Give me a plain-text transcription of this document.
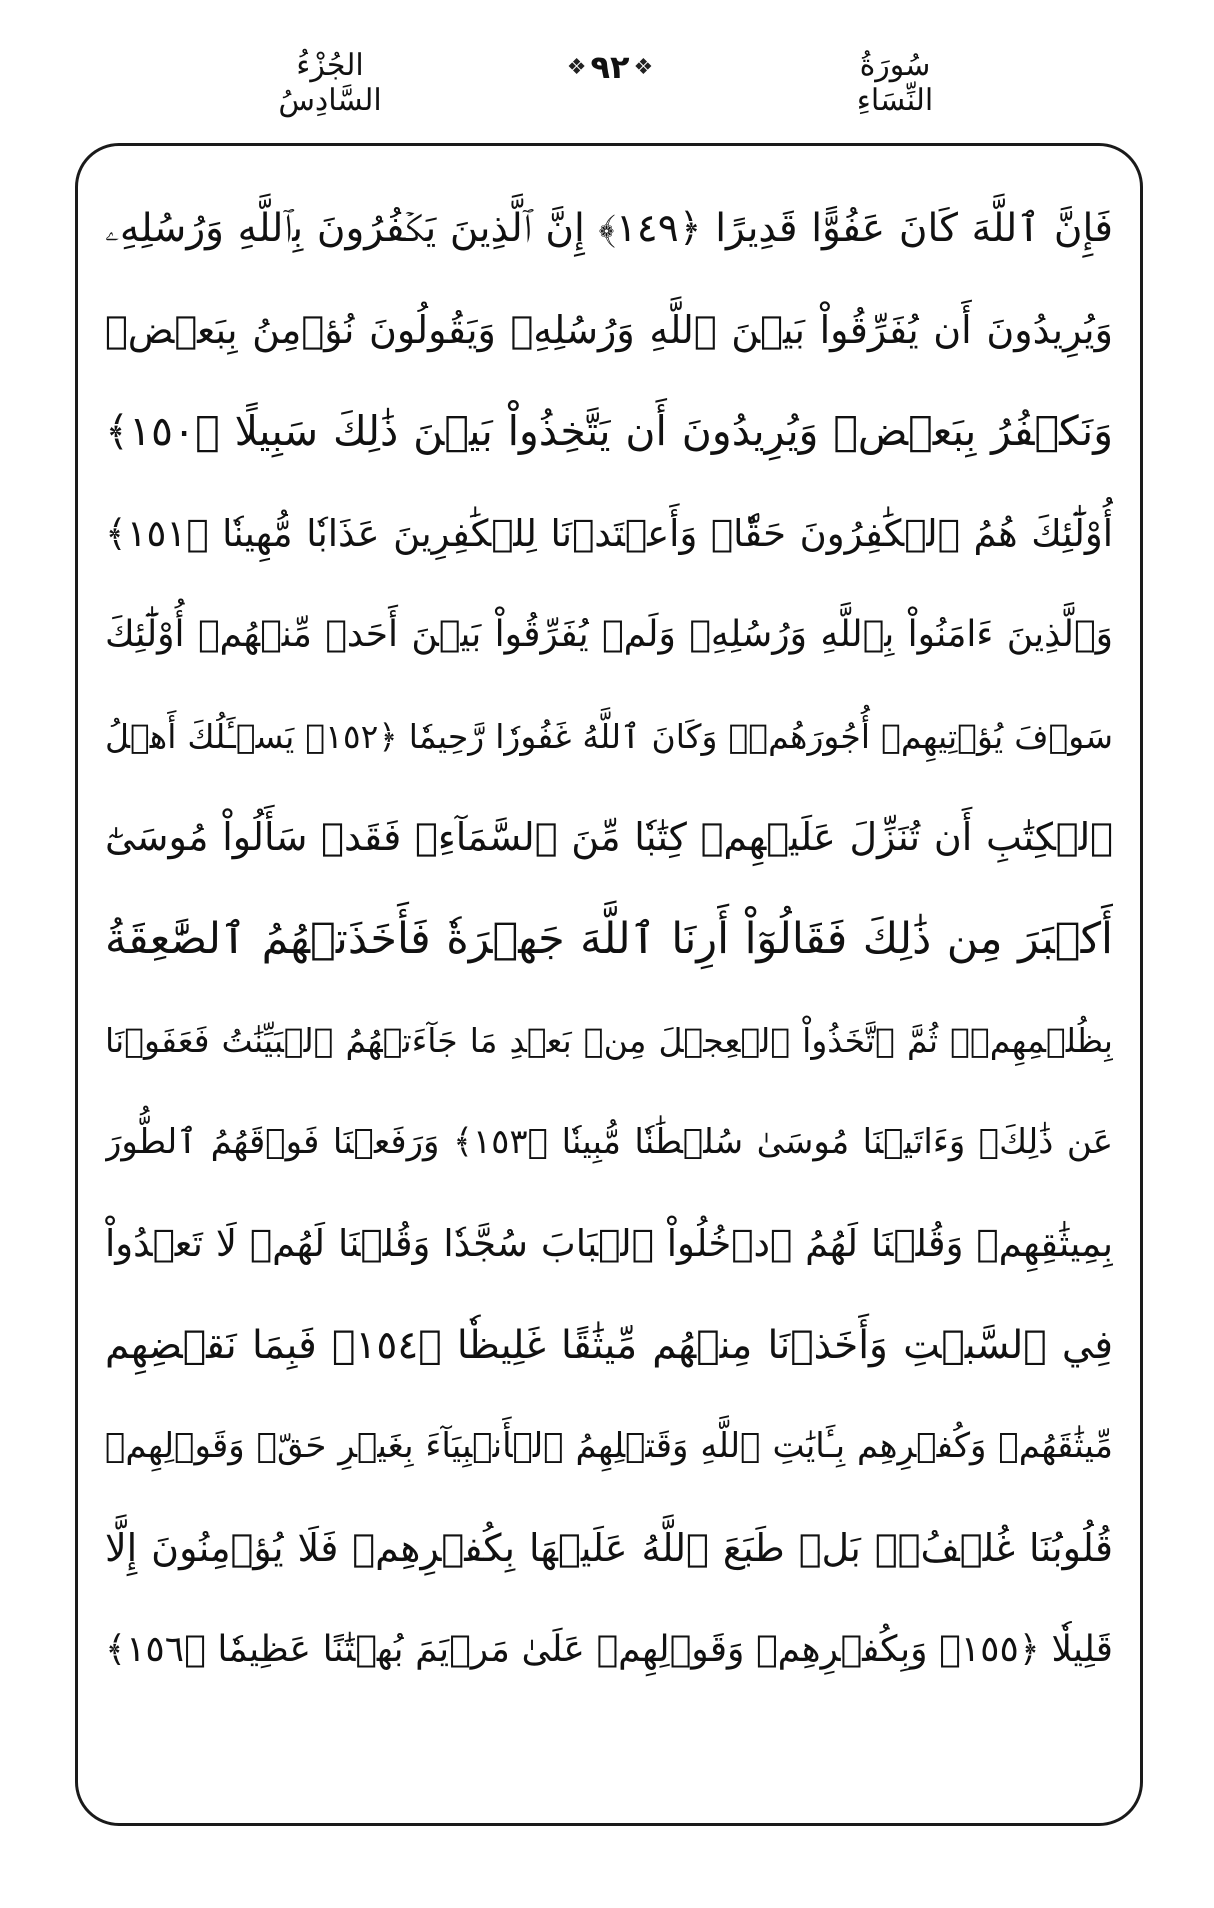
الجُزْءُ السَّادِسُ
❖ ٩٢ ❖	سُورَةُ النِّسَاءِ
فَإِنَّ ٱللَّهَ كَانَ عَفُوًّا قَدِيرًا ﴿١٤٩﴾ إِنَّ ٱلَّذِينَ يَكۡفُرُونَ بِٱللَّهِ وَرُسُلِهِۦ
وَيُرِيدُونَ أَن يُفَرِّقُواْ بَيۡنَ ٱللَّهِ وَرُسُلِهِۦ وَيَقُولُونَ نُؤۡمِنُ بِبَعۡضٖ
وَنَكۡفُرُ بِبَعۡضٖ وَيُرِيدُونَ أَن يَتَّخِذُواْ بَيۡنَ ذَٰلِكَ سَبِيلًا ﴿١٥٠﴾
أُوْلَٰٓئِكَ هُمُ ٱلۡكَٰفِرُونَ حَقّٗاۚ وَأَعۡتَدۡنَا لِلۡكَٰفِرِينَ عَذَابٗا مُّهِينٗا ﴿١٥١﴾
وَٱلَّذِينَ ءَامَنُواْ بِٱللَّهِ وَرُسُلِهِۦ وَلَمۡ يُفَرِّقُواْ بَيۡنَ أَحَدٖ مِّنۡهُمۡ أُوْلَٰٓئِكَ
سَوۡفَ يُؤۡتِيهِمۡ أُجُورَهُمۡۗ وَكَانَ ٱللَّهُ غَفُورٗا رَّحِيمٗا ﴿١٥٢﴾ يَسۡـَٔلُكَ أَهۡلُ
ٱلۡكِتَٰبِ أَن تُنَزِّلَ عَلَيۡهِمۡ كِتَٰبٗا مِّنَ ٱلسَّمَآءِۚ فَقَدۡ سَأَلُواْ مُوسَىٰٓ
أَكۡبَرَ مِن ذَٰلِكَ فَقَالُوٓاْ أَرِنَا ٱللَّهَ جَهۡرَةٗ فَأَخَذَتۡهُمُ ٱلصَّٰعِقَةُ
بِظُلۡمِهِمۡۚ ثُمَّ ٱتَّخَذُواْ ٱلۡعِجۡلَ مِنۢ بَعۡدِ مَا جَآءَتۡهُمُ ٱلۡبَيِّنَٰتُ فَعَفَوۡنَا
عَن ذَٰلِكَۚ وَءَاتَيۡنَا مُوسَىٰ سُلۡطَٰنٗا مُّبِينٗا ﴿١٥٣﴾ وَرَفَعۡنَا فَوۡقَهُمُ ٱلطُّورَ
بِمِيثَٰقِهِمۡ وَقُلۡنَا لَهُمُ ٱدۡخُلُواْ ٱلۡبَابَ سُجَّدٗا وَقُلۡنَا لَهُمۡ لَا تَعۡدُواْ
فِي ٱلسَّبۡتِ وَأَخَذۡنَا مِنۡهُم مِّيثَٰقًا غَلِيظٗا ﴿١٥٤﴾ فَبِمَا نَقۡضِهِم
مِّيثَٰقَهُمۡ وَكُفۡرِهِم بِـَٔايَٰتِ ٱللَّهِ وَقَتۡلِهِمُ ٱلۡأَنۢبِيَآءَ بِغَيۡرِ حَقّٖ وَقَوۡلِهِمۡ
قُلُوبُنَا غُلۡفُۢۚ بَلۡ طَبَعَ ٱللَّهُ عَلَيۡهَا بِكُفۡرِهِمۡ فَلَا يُؤۡمِنُونَ إِلَّا
قَلِيلٗا ﴿١٥٥﴾ وَبِكُفۡرِهِمۡ وَقَوۡلِهِمۡ عَلَىٰ مَرۡيَمَ بُهۡتَٰنًا عَظِيمٗا ﴿١٥٦﴾
